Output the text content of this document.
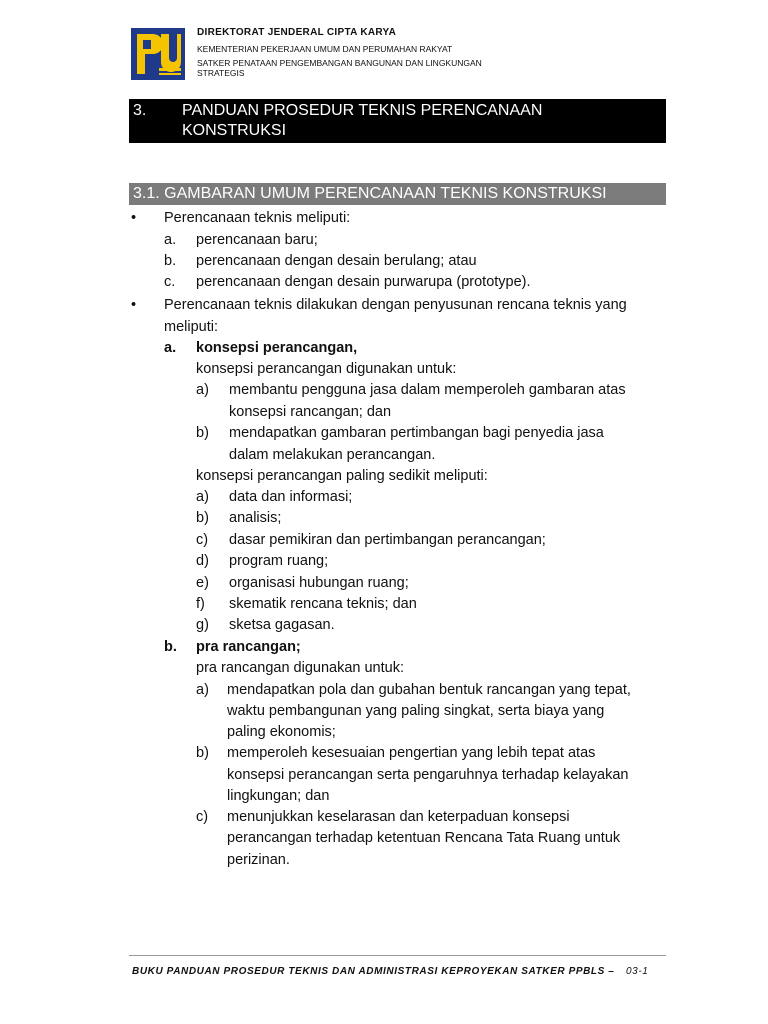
DIREKTORAT JENDERAL CIPTA KARYA
KEMENTERIAN PEKERJAAN UMUM DAN PERUMAHAN RAKYAT
SATKER PENATAAN PENGEMBANGAN BANGUNAN DAN LINGKUNGAN STRATEGIS
3. PANDUAN PROSEDUR TEKNIS PERENCANAAN KONSTRUKSI
3.1. GAMBARAN UMUM PERENCANAAN TEKNIS KONSTRUKSI
• Perencanaan teknis meliputi:
a. perencanaan baru;
b. perencanaan dengan desain berulang; atau
c. perencanaan dengan desain purwarupa (prototype).
• Perencanaan teknis dilakukan dengan penyusunan rencana teknis yang
meliputi:
a. konsepsi perancangan,
konsepsi perancangan digunakan untuk:
a) membantu pengguna jasa dalam memperoleh gambaran atas
konsepsi rancangan; dan
b) mendapatkan gambaran pertimbangan bagi penyedia jasa
dalam melakukan perancangan.
konsepsi perancangan paling sedikit meliputi:
a) data dan informasi;
b) analisis;
c) dasar pemikiran dan pertimbangan perancangan;
d) program ruang;
e) organisasi hubungan ruang;
f) skematik rencana teknis; dan
g) sketsa gagasan.
b. pra rancangan;
pra rancangan digunakan untuk:
a) mendapatkan pola dan gubahan bentuk rancangan yang tepat,
waktu pembangunan yang paling singkat, serta biaya yang
paling ekonomis;
b) memperoleh kesesuaian pengertian yang lebih tepat atas
konsepsi perancangan serta pengaruhnya terhadap kelayakan
lingkungan; dan
c) menunjukkan keselarasan dan keterpaduan konsepsi
perancangan terhadap ketentuan Rencana Tata Ruang untuk
perizinan.
BUKU PANDUAN PROSEDUR TEKNIS DAN ADMINISTRASI KEPROYEKAN SATKER PPBLS – 03-1
